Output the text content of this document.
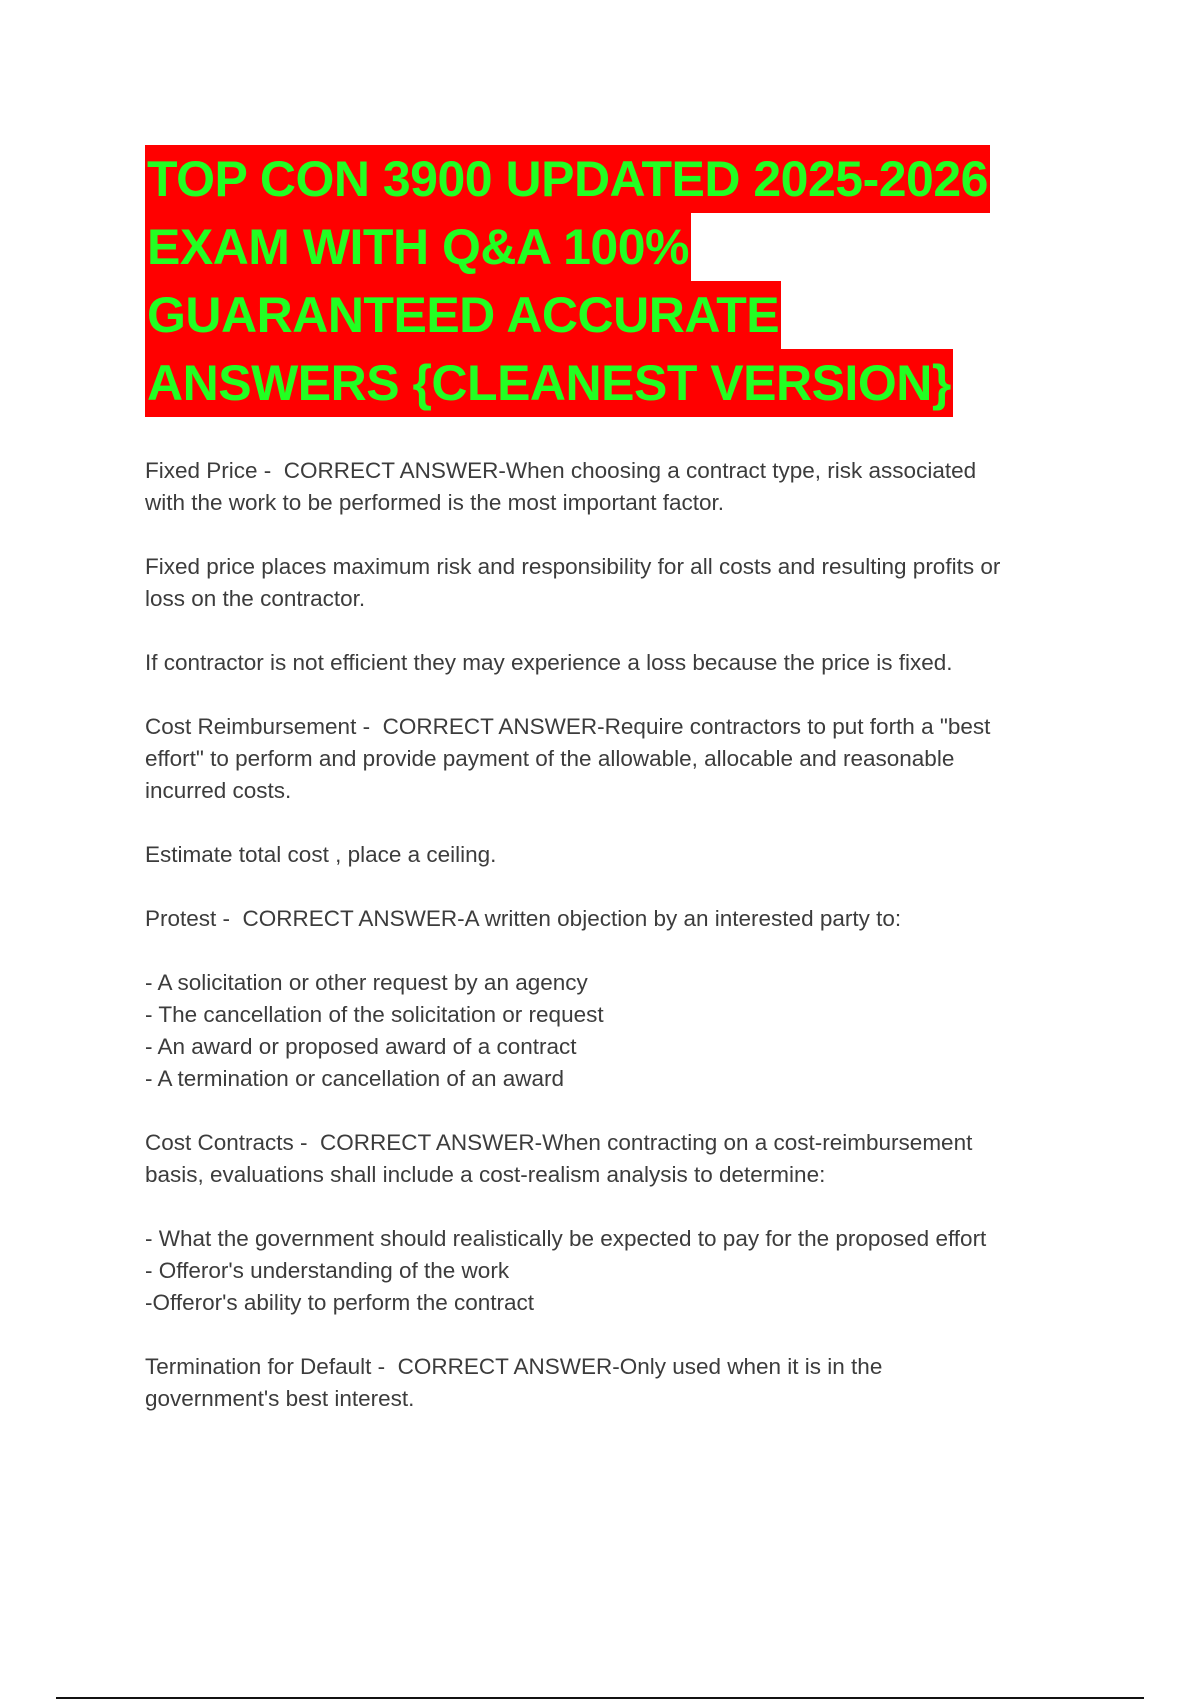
TOP CON 3900 UPDATED 2025-2026
EXAM WITH Q&A 100%
GUARANTEED ACCURATE
ANSWERS {CLEANEST VERSION}

Fixed Price -  CORRECT ANSWER-When choosing a contract type, risk associated
with the work to be performed is the most important factor.

Fixed price places maximum risk and responsibility for all costs and resulting profits or
loss on the contractor.

If contractor is not efficient they may experience a loss because the price is fixed.

Cost Reimbursement -  CORRECT ANSWER-Require contractors to put forth a "best
effort" to perform and provide payment of the allowable, allocable and reasonable
incurred costs.

Estimate total cost , place a ceiling.

Protest -  CORRECT ANSWER-A written objection by an interested party to:

- A solicitation or other request by an agency
- The cancellation of the solicitation or request
- An award or proposed award of a contract
- A termination or cancellation of an award

Cost Contracts -  CORRECT ANSWER-When contracting on a cost-reimbursement
basis, evaluations shall include a cost-realism analysis to determine:

- What the government should realistically be expected to pay for the proposed effort
- Offeror's understanding of the work
-Offeror's ability to perform the contract

Termination for Default -  CORRECT ANSWER-Only used when it is in the
government's best interest.
